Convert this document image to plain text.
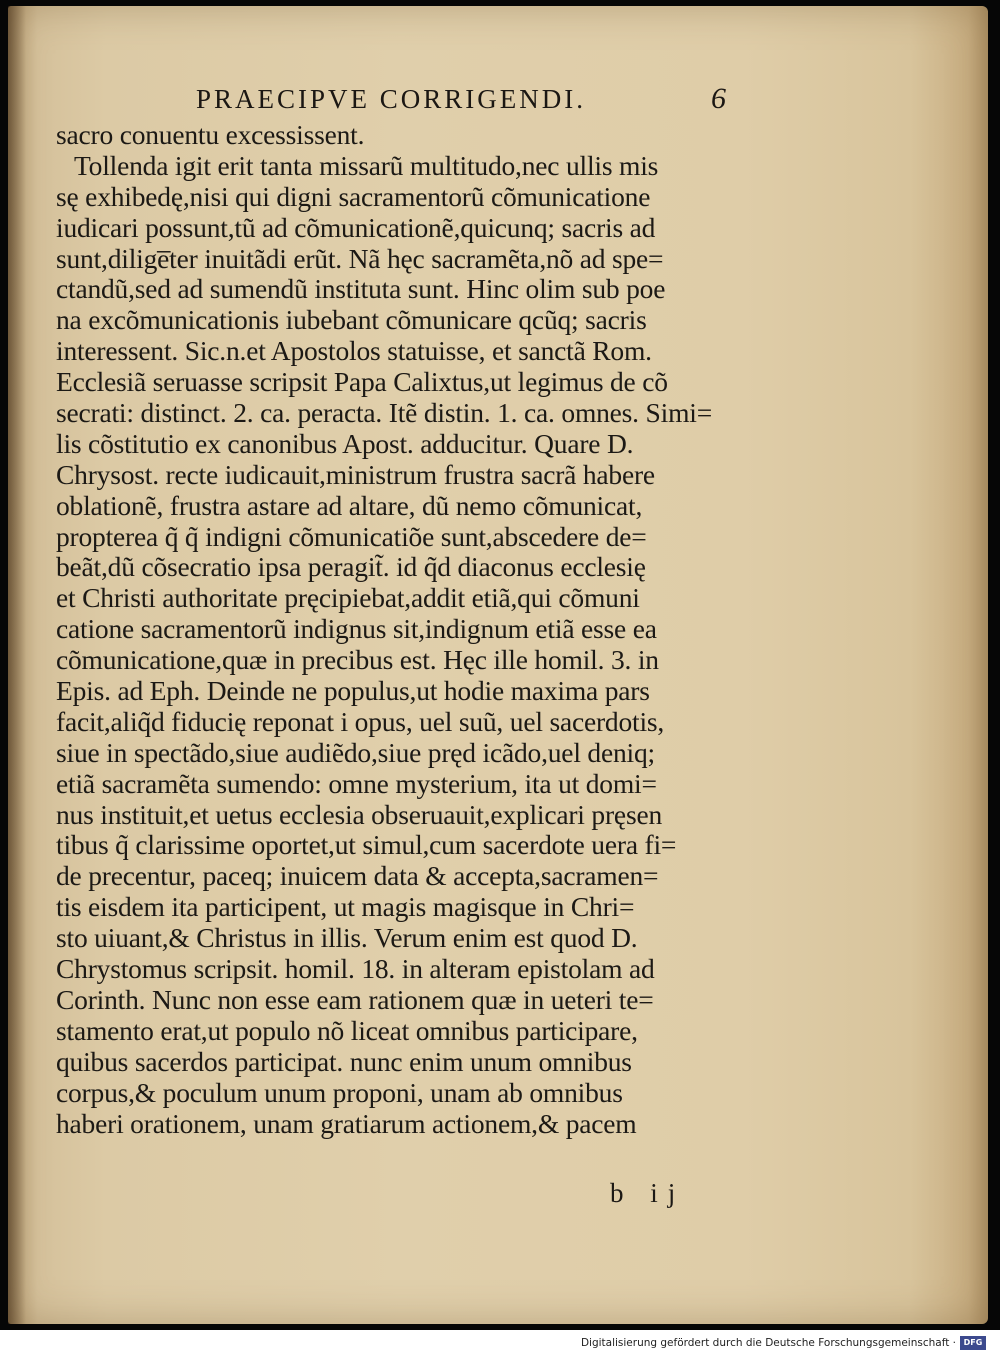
PRAECIPVE CORRIGENDI.	6
sacro conuentu excessissent.
Tollenda igit erit tanta missarũ multitudo,nec ullis mis
sę exhibedę,nisi qui digni sacramentorũ cõmunicatione
iudicari possunt,tũ ad cõmunicationẽ,quicunq; sacris ad
sunt,dilige̅ter inuitãdi erũt. Nã hęc sacramẽta,nõ ad spe=
ctandũ,sed ad sumendũ instituta sunt. Hinc olim sub poe
na excõmunicationis iubebant cõmunicare qcũq; sacris
interessent. Sic.n.et Apostolos statuisse, et sanctã Rom.
Ecclesiã seruasse scripsit Papa Calixtus,ut legimus de cõ
secrati: distinct. 2. ca. peracta. Itẽ distin. 1. ca. omnes. Simi=
lis cõstitutio ex canonibus Apost. adducitur. Quare D.
Chrysost. recte iudicauit,ministrum frustra sacrã habere
oblationẽ, frustra astare ad altare, dũ nemo cõmunicat,
propterea q̃ q̃ indigni cõmunicatiõe sunt,abscedere de=
beãt,dũ cõsecratio ipsa peragit̃. id q̃d diaconus ecclesię
et Christi authoritate pręcipiebat,addit etiã,qui cõmuni
catione sacramentorũ indignus sit,indignum etiã esse ea
cõmunicatione,quæ in precibus est. Hęc ille homil. 3. in
Epis. ad Eph. Deinde ne populus,ut hodie maxima pars
facit,aliq̃d fiducię reponat i opus, uel suũ, uel sacerdotis,
siue in spectãdo,siue audiẽdo,siue pręd icãdo,uel deniq;
etiã sacramẽta sumendo: omne mysterium, ita ut domi=
nus instituit,et uetus ecclesia obseruauit,explicari pręsen
tibus q̃ clarissime oportet,ut simul,cum sacerdote uera fi=
de precentur, paceq; inuicem data & accepta,sacramen=
tis eisdem ita participent, ut magis magisque in Chri=
sto uiuant,& Christus in illis. Verum enim est quod D.
Chrystomus scripsit. homil. 18. in alteram epistolam ad
Corinth. Nunc non esse eam rationem quæ in ueteri te=
stamento erat,ut populo nõ liceat omnibus participare,
quibus sacerdos participat. nunc enim unum omnibus
corpus,& poculum unum proponi, unam ab omnibus
haberi orationem, unam gratiarum actionem,& pacem
b ij
Digitalisierung gefördert durch die Deutsche Forschungsgemeinschaft · DFG
